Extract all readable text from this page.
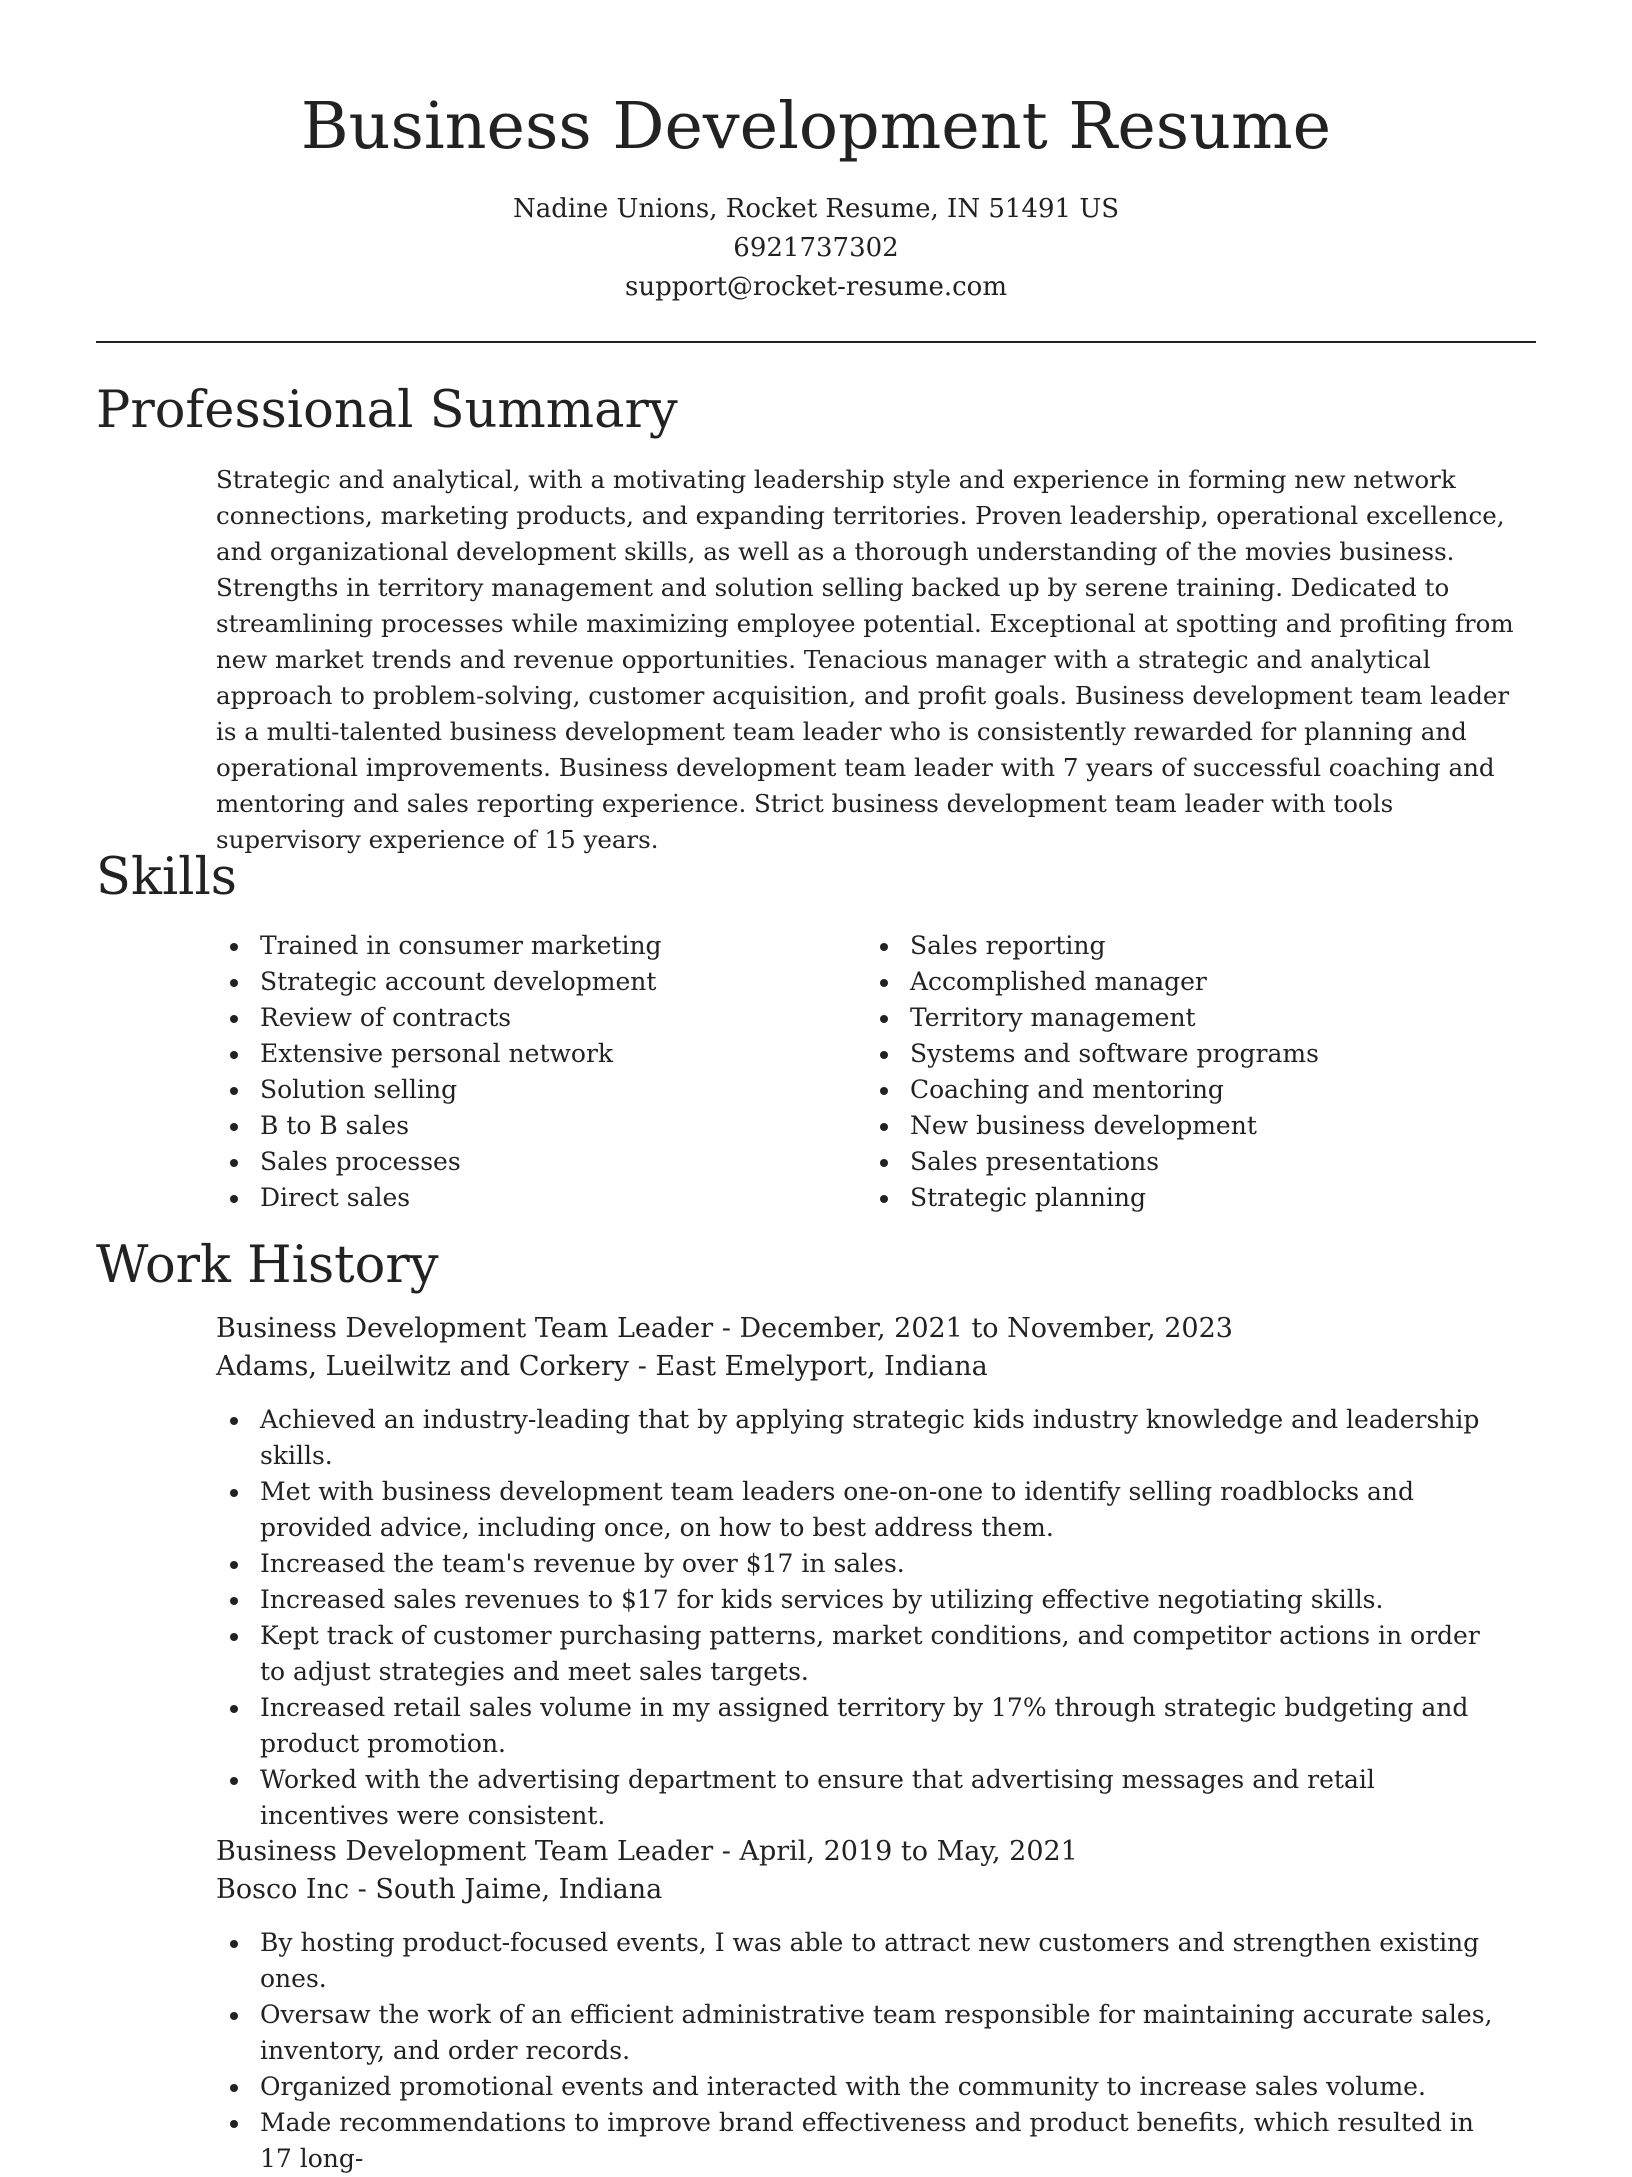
Business Development Resume
Nadine Unions, Rocket Resume, IN 51491 US
6921737302
support@rocket-resume.com
Professional Summary

Strategic and analytical, with a motivating leadership style and experience in forming new network connections, marketing products, and expanding territories. Proven leadership, operational excellence, and organizational development skills, as well as a thorough understanding of the movies business. Strengths in territory management and solution selling backed up by serene training. Dedicated to streamlining processes while maximizing employee potential. Exceptional at spotting and profiting from new market trends and revenue opportunities. Tenacious manager with a strategic and analytical approach to problem-solving, customer acquisition, and profit goals. Business development team leader is a multi-talented business development team leader who is consistently rewarded for planning and operational improvements. Business development team leader with 7 years of successful coaching and mentoring and sales reporting experience. Strict business development team leader with tools supervisory experience of 15 years.

Skills
Trained in consumer marketing
Strategic account development
Review of contracts
Extensive personal network
Solution selling
B to B sales
Sales processes
Direct sales
Sales reporting
Accomplished manager
Territory management
Systems and software programs
Coaching and mentoring
New business development
Sales presentations
Strategic planning
Work History
Business Development Team Leader - December, 2021 to November, 2023
Adams, Lueilwitz and Corkery - East Emelyport, Indiana
Achieved an industry-leading that by applying strategic kids industry knowledge and leadership skills.
Met with business development team leaders one-on-one to identify selling roadblocks and provided advice, including once, on how to best address them.
Increased the team's revenue by over $17 in sales.
Increased sales revenues to $17 for kids services by utilizing effective negotiating skills.
Kept track of customer purchasing patterns, market conditions, and competitor actions in order to adjust strategies and meet sales targets.
Increased retail sales volume in my assigned territory by 17% through strategic budgeting and product promotion.
Worked with the advertising department to ensure that advertising messages and retail incentives were consistent.
Business Development Team Leader - April, 2019 to May, 2021
Bosco Inc - South Jaime, Indiana
By hosting product-focused events, I was able to attract new customers and strengthen existing ones.
Oversaw the work of an efficient administrative team responsible for maintaining accurate sales, inventory, and order records.
Organized promotional events and interacted with the community to increase sales volume.
Made recommendations to improve brand effectiveness and product benefits, which resulted in 17 long-
